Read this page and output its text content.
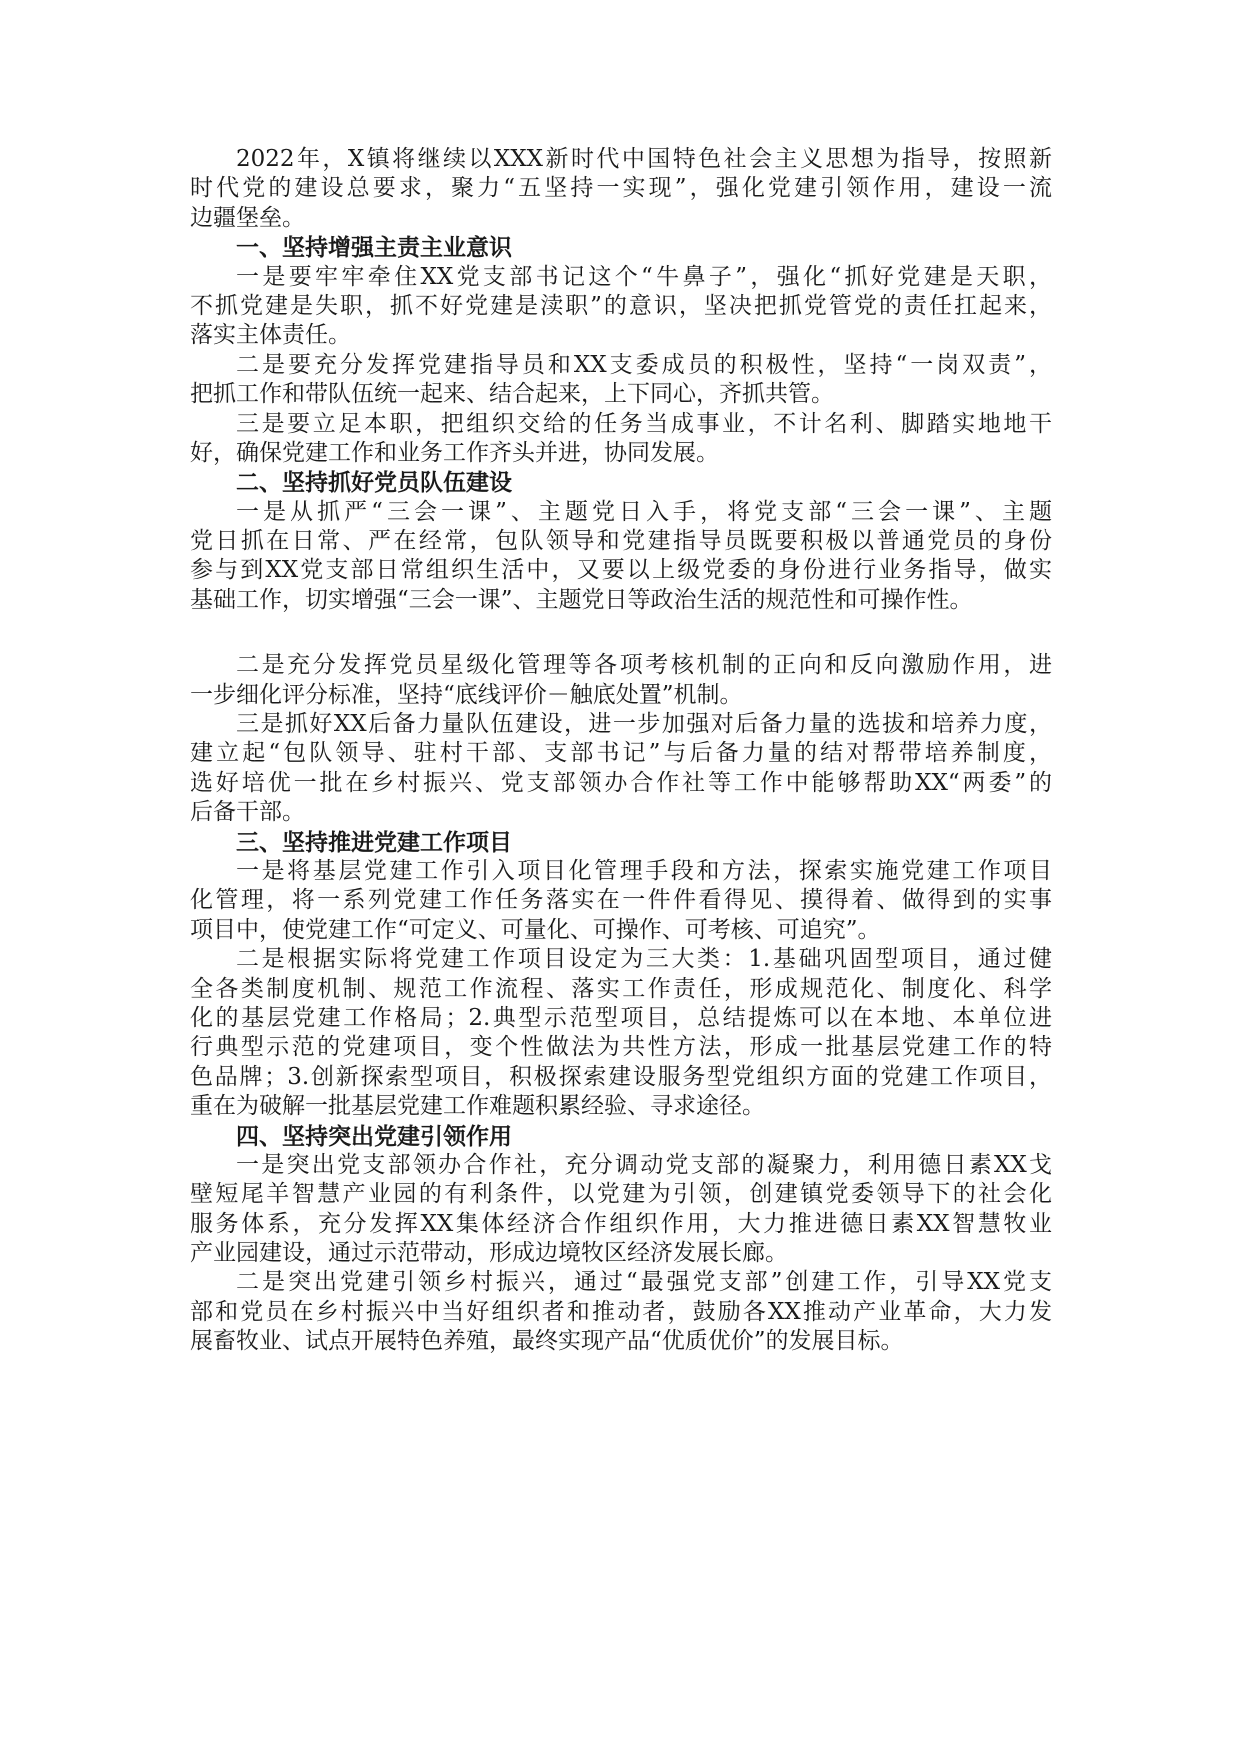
2022年，X镇将继续以XXX新时代中国特色社会主义思想为指导，按照新
时代党的建设总要求，聚力“五坚持一实现”，强化党建引领作用，建设一流
边疆堡垒。
一、坚持增强主责主业意识
一是要牢牢牵住XX党支部书记这个“牛鼻子”，强化“抓好党建是天职，
不抓党建是失职，抓不好党建是渎职”的意识，坚决把抓党管党的责任扛起来，
落实主体责任。
二是要充分发挥党建指导员和XX支委成员的积极性，坚持“一岗双责”，
把抓工作和带队伍统一起来、结合起来，上下同心，齐抓共管。
三是要立足本职，把组织交给的任务当成事业，不计名利、脚踏实地地干
好，确保党建工作和业务工作齐头并进，协同发展。
二、坚持抓好党员队伍建设
一是从抓严“三会一课”、主题党日入手，将党支部“三会一课”、主题
党日抓在日常、严在经常，包队领导和党建指导员既要积极以普通党员的身份
参与到XX党支部日常组织生活中，又要以上级党委的身份进行业务指导，做实
基础工作，切实增强“三会一课”、主题党日等政治生活的规范性和可操作性。
二是充分发挥党员星级化管理等各项考核机制的正向和反向激励作用，进
一步细化评分标准，坚持“底线评价－触底处置”机制。
三是抓好XX后备力量队伍建设，进一步加强对后备力量的选拔和培养力度，
建立起“包队领导、驻村干部、支部书记”与后备力量的结对帮带培养制度，
选好培优一批在乡村振兴、党支部领办合作社等工作中能够帮助XX“两委”的
后备干部。
三、坚持推进党建工作项目
一是将基层党建工作引入项目化管理手段和方法，探索实施党建工作项目
化管理，将一系列党建工作任务落实在一件件看得见、摸得着、做得到的实事
项目中，使党建工作“可定义、可量化、可操作、可考核、可追究”。
二是根据实际将党建工作项目设定为三大类：1.基础巩固型项目，通过健
全各类制度机制、规范工作流程、落实工作责任，形成规范化、制度化、科学
化的基层党建工作格局；2.典型示范型项目，总结提炼可以在本地、本单位进
行典型示范的党建项目，变个性做法为共性方法，形成一批基层党建工作的特
色品牌；3.创新探索型项目，积极探索建设服务型党组织方面的党建工作项目，
重在为破解一批基层党建工作难题积累经验、寻求途径。
四、坚持突出党建引领作用
一是突出党支部领办合作社，充分调动党支部的凝聚力，利用德日素XX戈
壁短尾羊智慧产业园的有利条件，以党建为引领，创建镇党委领导下的社会化
服务体系，充分发挥XX集体经济合作组织作用，大力推进德日素XX智慧牧业
产业园建设，通过示范带动，形成边境牧区经济发展长廊。
二是突出党建引领乡村振兴，通过“最强党支部”创建工作，引导XX党支
部和党员在乡村振兴中当好组织者和推动者，鼓励各XX推动产业革命，大力发
展畜牧业、试点开展特色养殖，最终实现产品“优质优价”的发展目标。
